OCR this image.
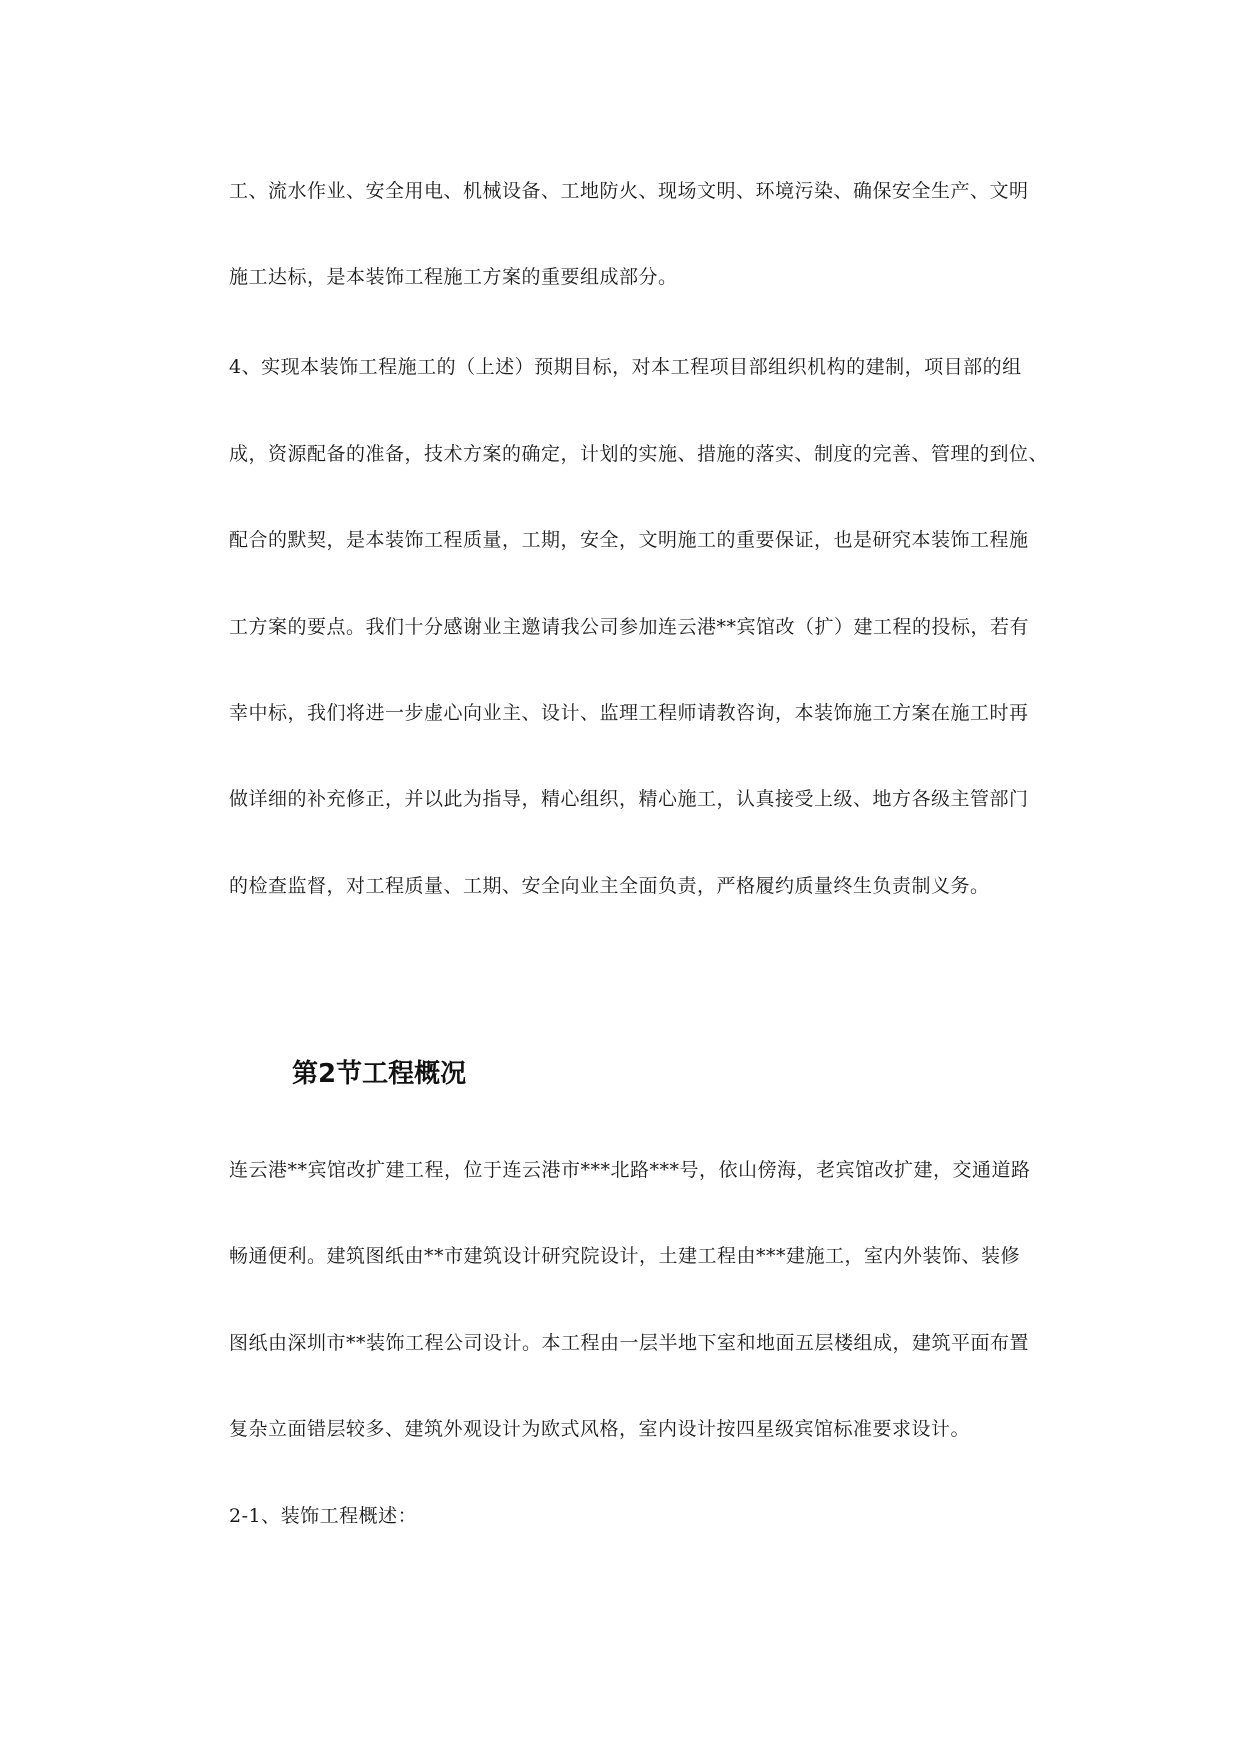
工、流水作业、安全用电、机械设备、工地防火、现场文明、环境污染、确保安全生产、文明
施工达标，是本装饰工程施工方案的重要组成部分。
4、实现本装饰工程施工的（上述）预期目标，对本工程项目部组织机构的建制，项目部的组
成，资源配备的准备，技术方案的确定，计划的实施、措施的落实、制度的完善、管理的到位、
配合的默契，是本装饰工程质量，工期，安全，文明施工的重要保证，也是研究本装饰工程施
工方案的要点。我们十分感谢业主邀请我公司参加连云港**宾馆改（扩）建工程的投标，若有
幸中标，我们将进一步虚心向业主、设计、监理工程师请教咨询，本装饰施工方案在施工时再
做详细的补充修正，并以此为指导，精心组织，精心施工，认真接受上级、地方各级主管部门
的检查监督，对工程质量、工期、安全向业主全面负责，严格履约质量终生负责制义务。
第2节工程概况
连云港**宾馆改扩建工程，位于连云港市***北路***号，依山傍海，老宾馆改扩建，交通道路
畅通便利。建筑图纸由**市建筑设计研究院设计，土建工程由***建施工，室内外装饰、装修
图纸由深圳市**装饰工程公司设计。本工程由一层半地下室和地面五层楼组成，建筑平面布置
复杂立面错层较多、建筑外观设计为欧式风格，室内设计按四星级宾馆标准要求设计。
2-1、装饰工程概述：
